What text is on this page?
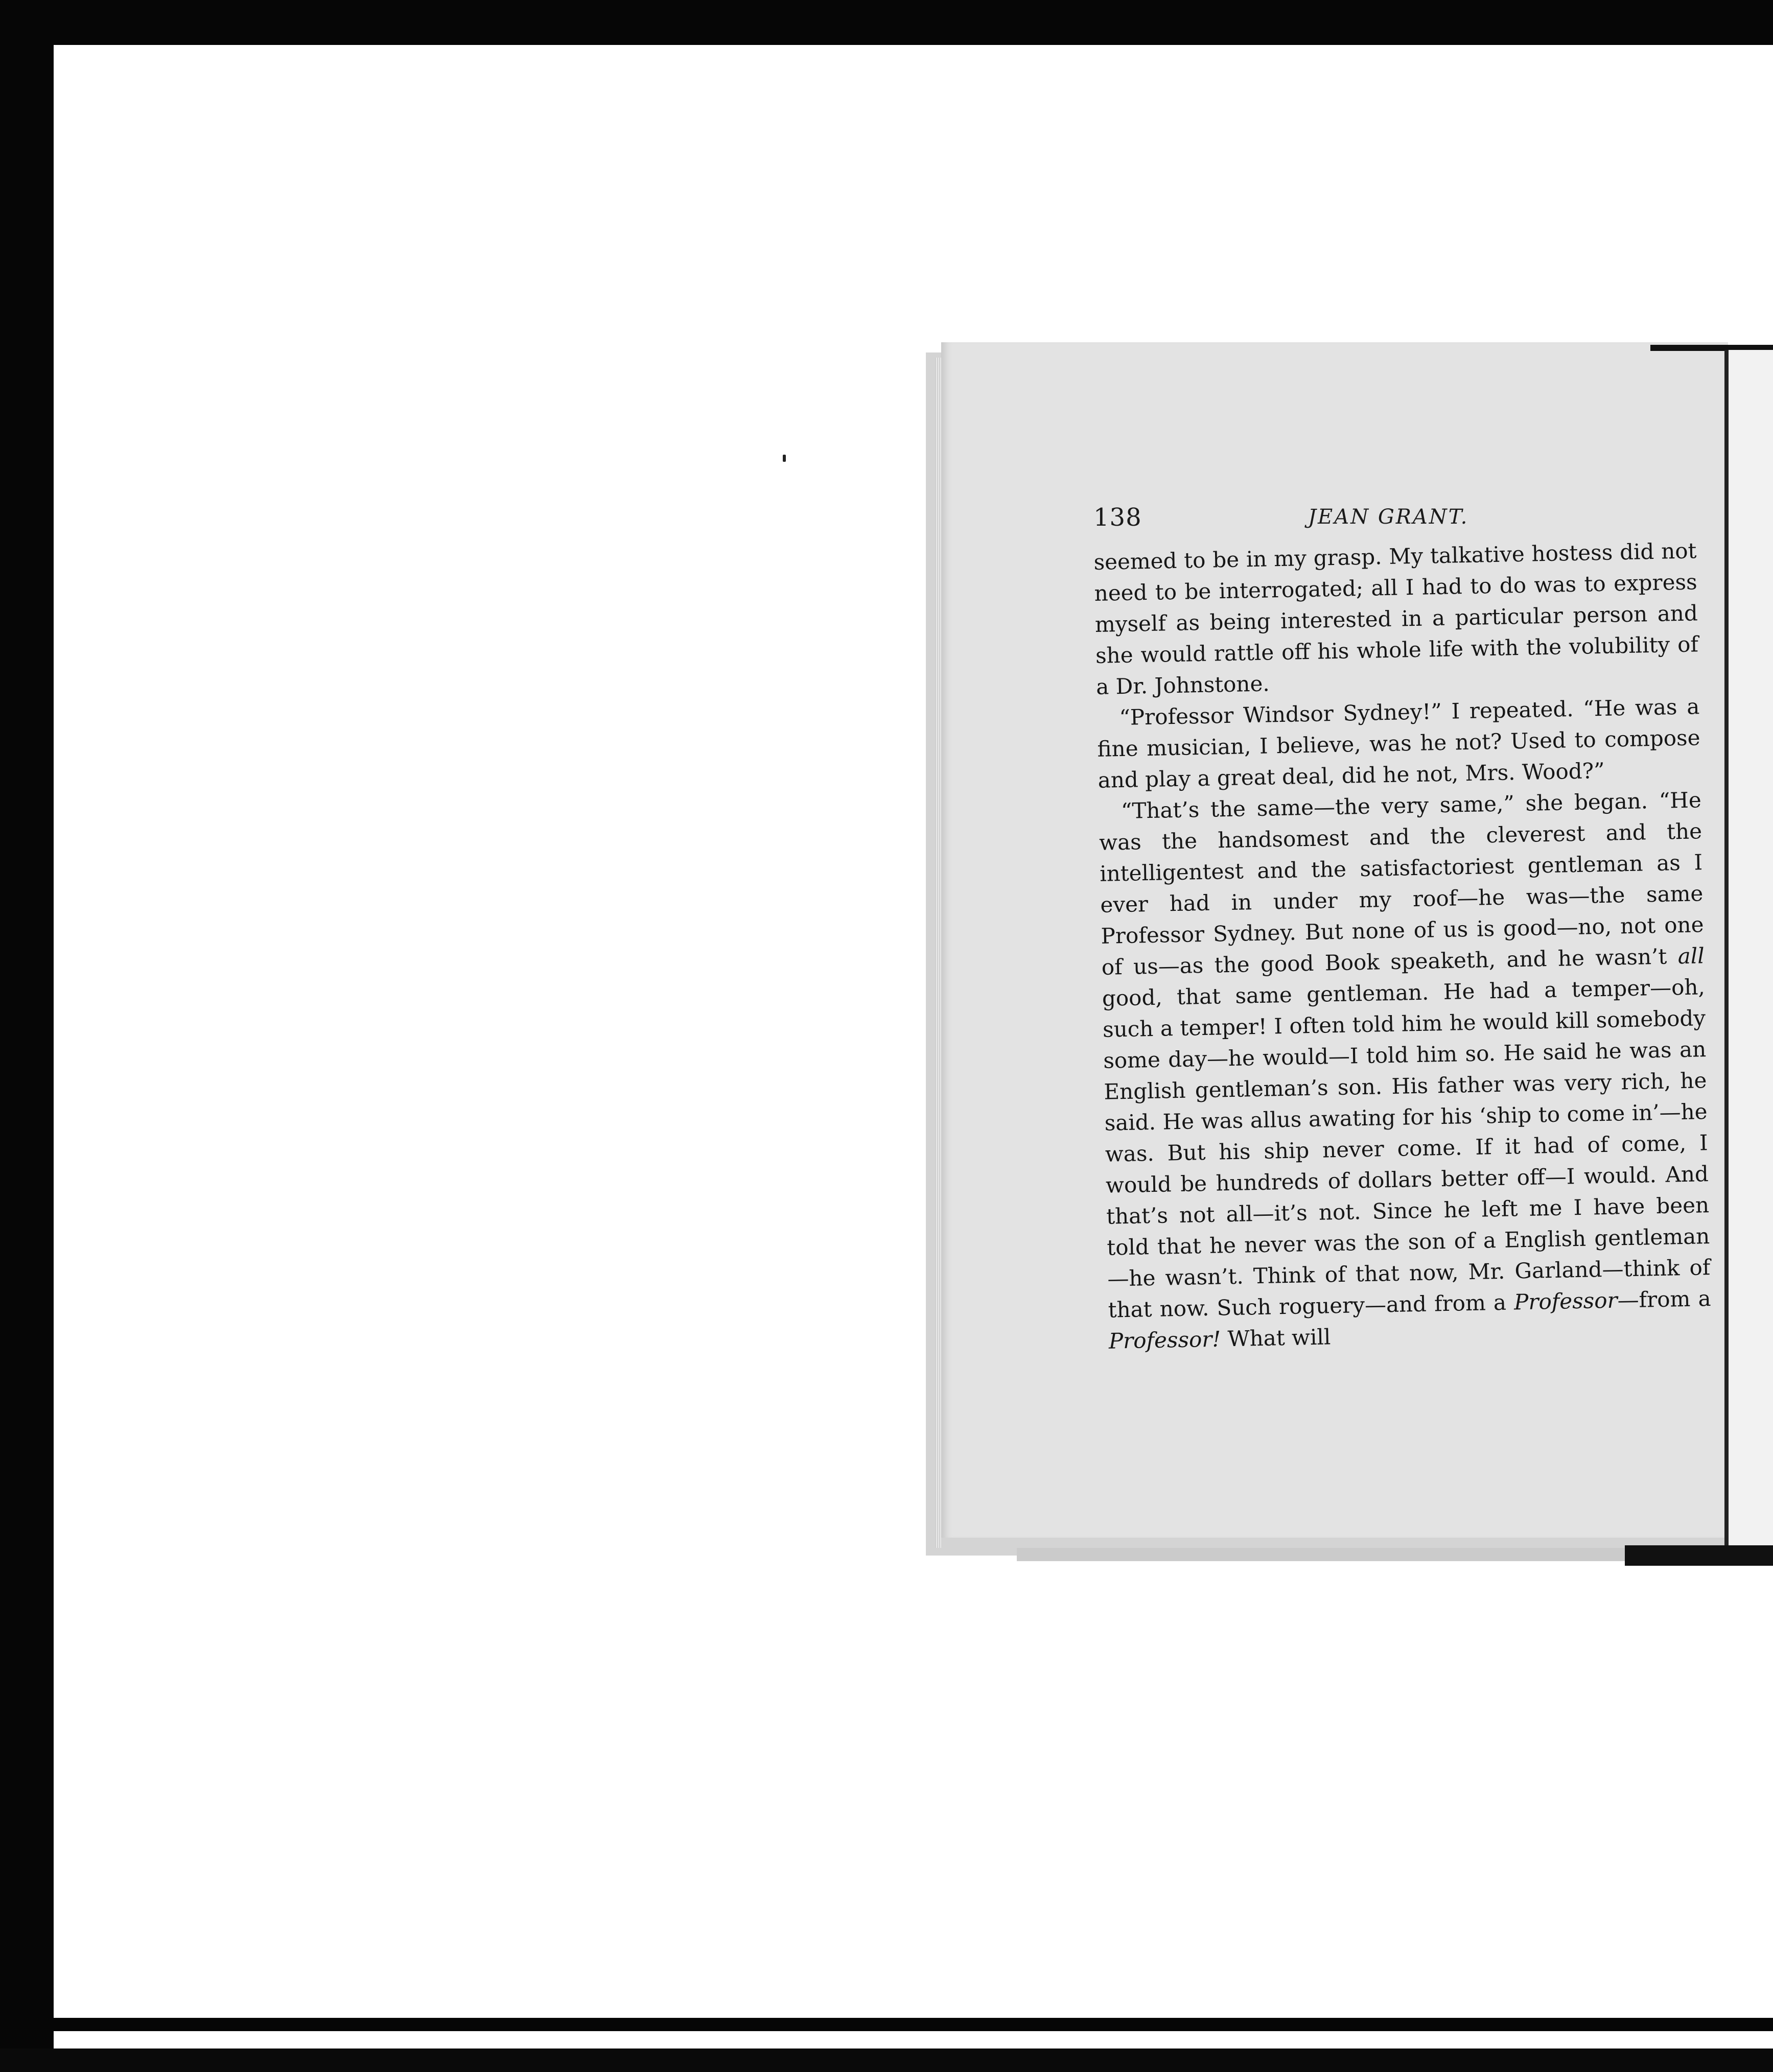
138	JEAN GRANT.

seemed to be in my grasp. My talkative hostess did not need to be interrogated; all I had to do was to express myself as being interested in a particular person and she would rattle off his whole life with the volubility of a Dr. Johnstone.

“Professor Windsor Sydney!” I repeated. “He was a fine musician, I believe, was he not? Used to compose and play a great deal, did he not, Mrs. Wood?”

“That’s the same—the very same,” she began. “He was the handsomest and the cleverest and the intelligentest and the satisfactoriest gentleman as I ever had in under my roof—he was—the same Professor Sydney. But none of us is good—no, not one of us—as the good Book speaketh, and he wasn’t all good, that same gentleman. He had a temper—oh, such a temper! I often told him he would kill somebody some day—he would—I told him so. He said he was an English gentleman’s son. His father was very rich, he said. He was allus awating for his ‘ship to come in’—he was. But his ship never come. If it had of come, I would be hundreds of dollars better off—I would. And that’s not all—it’s not. Since he left me I have been told that he never was the son of a English gentleman—he wasn’t. Think of that now, Mr. Garland—think of that now. Such roguery—and from a Professor—from a Professor! What will
